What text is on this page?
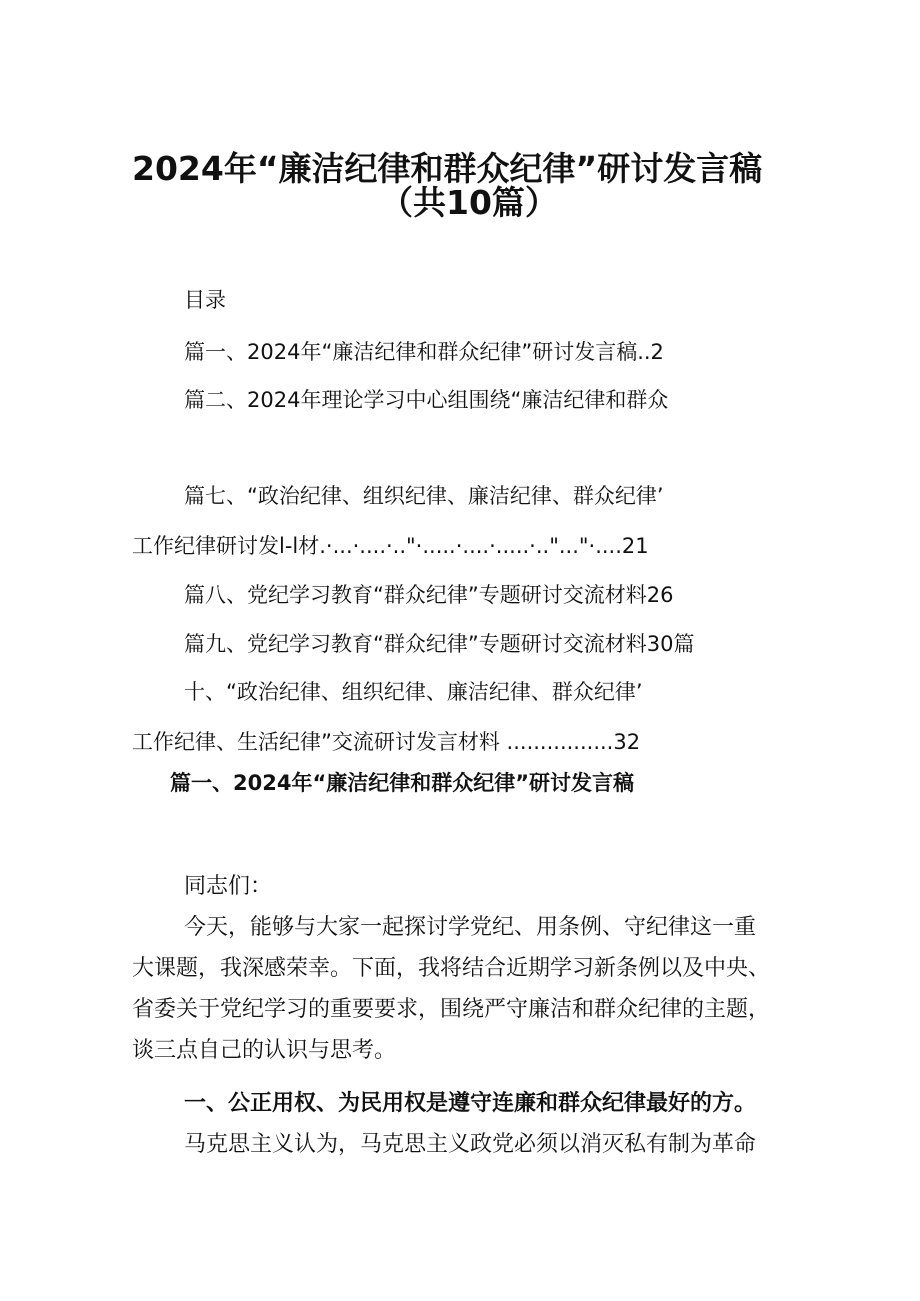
2024年“廉洁纪律和群众纪律”研讨发言稿
（共10篇）
目录
篇一、2024年“廉洁纪律和群众纪律”研讨发言稿..2
篇二、2024年理论学习中心组围绕“廉洁纪律和群众
篇七、“政治纪律、组织纪律、廉洁纪律、群众纪律’
工作纪律研讨发l-l材.·...·....·.."·.....·....·.....·.."..."·....21
篇八、党纪学习教育“群众纪律”专题研讨交流材料26
篇九、党纪学习教育“群众纪律”专题研讨交流材料30篇
十、“政治纪律、组织纪律、廉洁纪律、群众纪律’
工作纪律、生活纪律”交流研讨发言材料 ................32
篇一、2024年“廉洁纪律和群众纪律”研讨发言稿
同志们：
今天，能够与大家一起探讨学党纪、用条例、守纪律这一重
大课题，我深感荣幸。下面，我将结合近期学习新条例以及中央、
省委关于党纪学习的重要要求，围绕严守廉洁和群众纪律的主题，
谈三点自己的认识与思考。
一、公正用权、为民用权是遵守连廉和群众纪律最好的方。
马克思主义认为，马克思主义政党必须以消灭私有制为革命
